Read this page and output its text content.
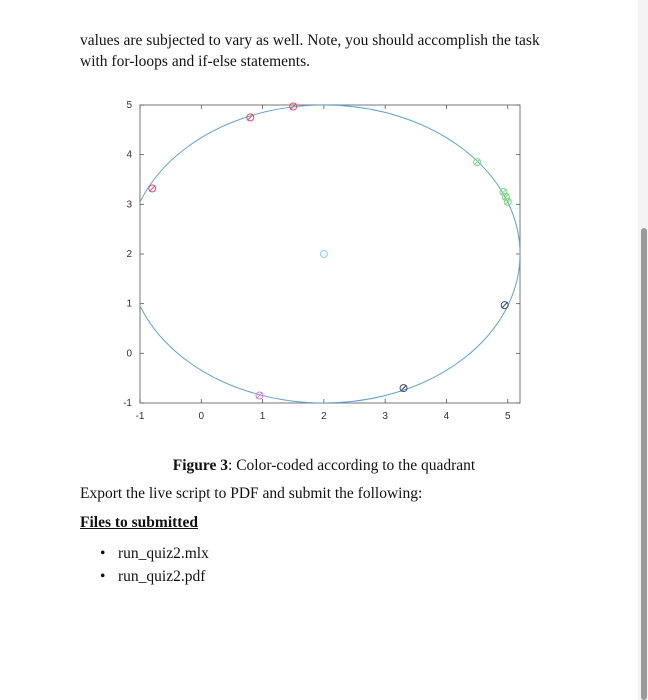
values are subjected to vary as well. Note, you should accomplish the task
with for-loops and if-else statements.

-1	0	1	2	3	4	5
-1
0
1
2
3
4
5

Figure 3: Color-coded according to the quadrant

Export the live script to PDF and submit the following:

Files to submitted

• run_quiz2.mlx
• run_quiz2.pdf
